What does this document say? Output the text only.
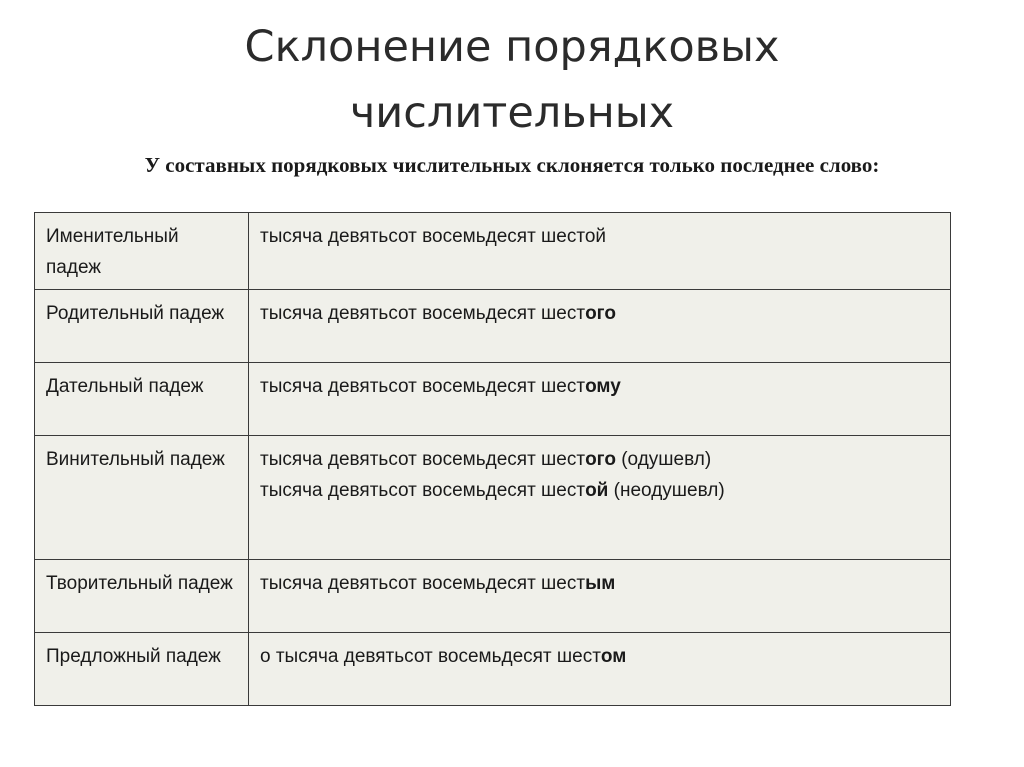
Склонение порядковых
числительных

У составных порядковых числительных склоняется только последнее слово:

Именительный падеж	тысяча девятьсот восемьдесят шестой

Родительный падеж	тысяча девятьсот восемьдесят шестого

Дательный падеж	тысяча девятьсот восемьдесят шестому

Винительный падеж	тысяча девятьсот восемьдесят шестого (одушевл)
тысяча девятьсот восемьдесят шестой (неодушевл)

Творительный падеж	тысяча девятьсот восемьдесят шестым

Предложный падеж	о тысяча девятьсот восемьдесят шестом
